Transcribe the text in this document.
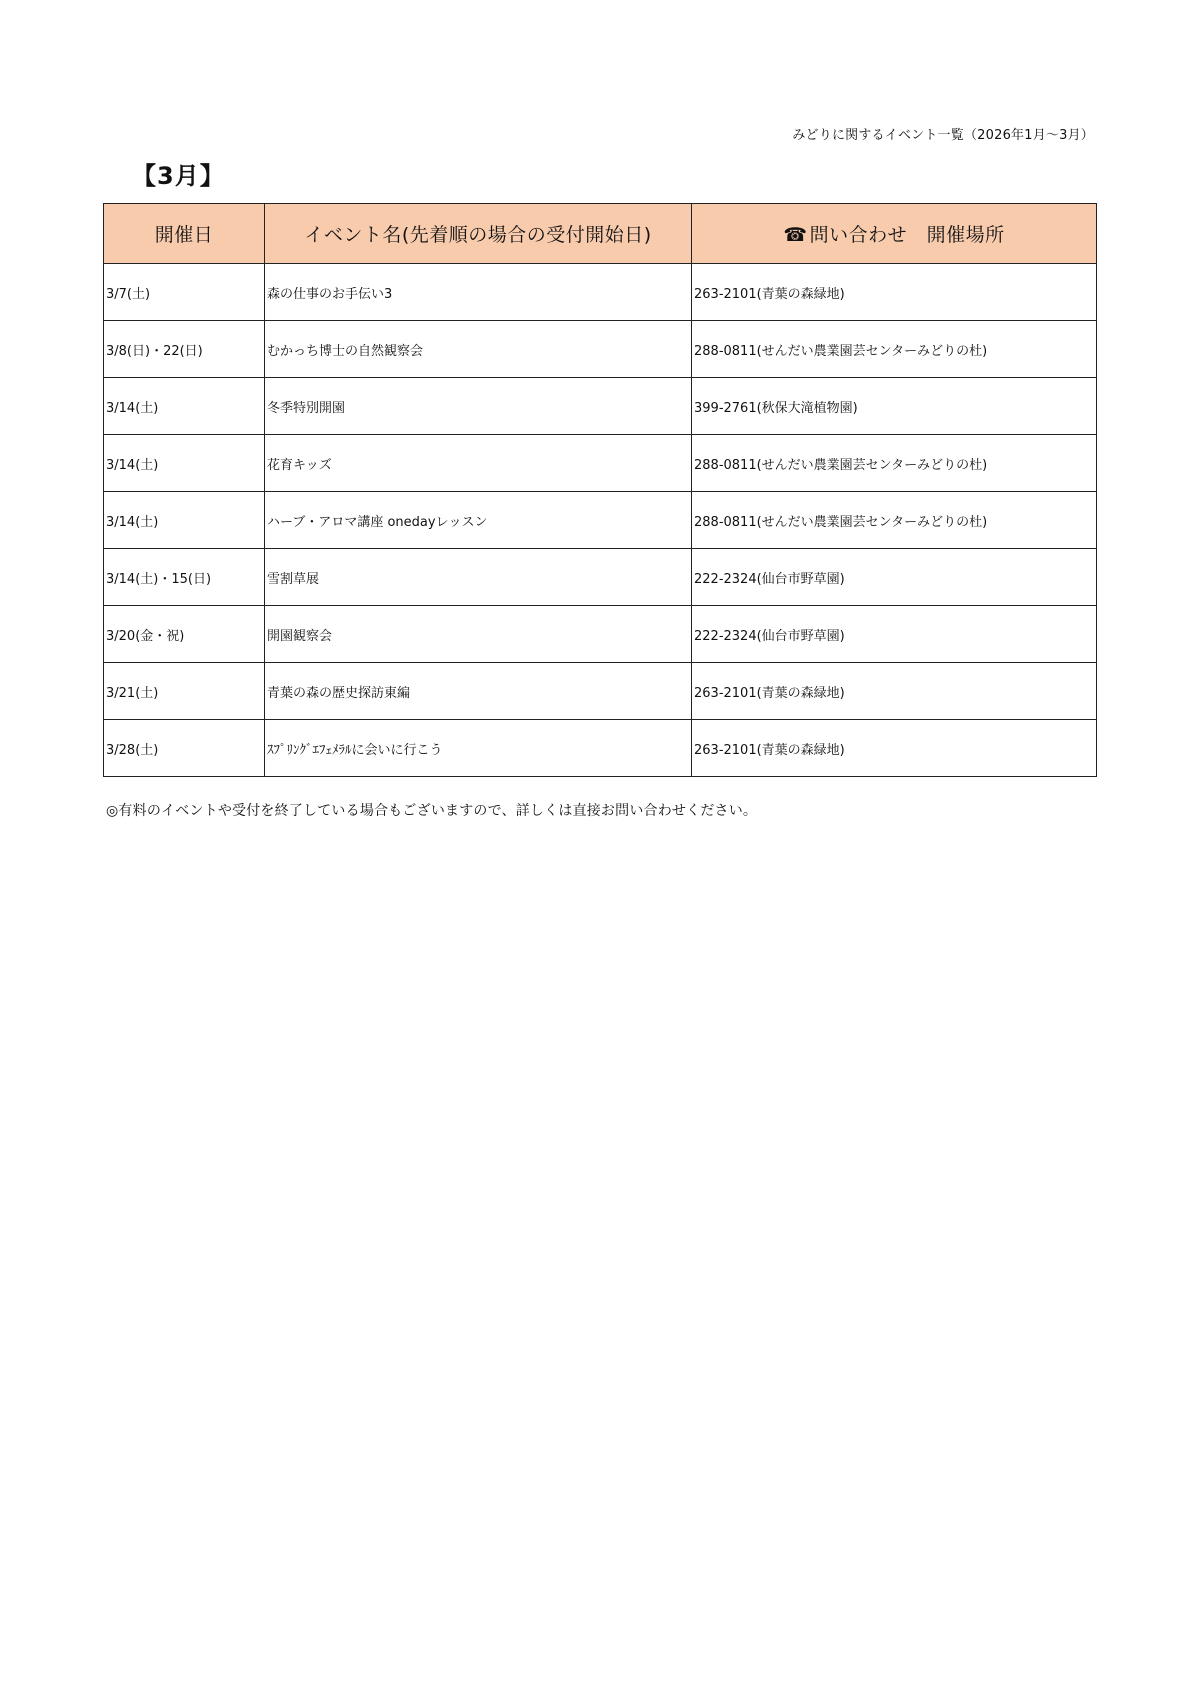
みどりに関するイベント一覧（2026年1月～3月）
【3月】
開催日	イベント名(先着順の場合の受付開始日)	☎ 問い合わせ　開催場所
3/7(土)	森の仕事のお手伝い3	263-2101(青葉の森緑地)
3/8(日)・22(日)	むかっち博士の自然観察会	288-0811(せんだい農業園芸センターみどりの杜)
3/14(土)	冬季特別開園	399-2761(秋保大滝植物園)
3/14(土)	花育キッズ	288-0811(せんだい農業園芸センターみどりの杜)
3/14(土)	ハーブ・アロマ講座 onedayレッスン	288-0811(せんだい農業園芸センターみどりの杜)
3/14(土)・15(日)	雪割草展	222-2324(仙台市野草園)
3/20(金・祝)	開園観察会	222-2324(仙台市野草園)
3/21(土)	青葉の森の歴史探訪東編	263-2101(青葉の森緑地)
3/28(土)	ｽﾌﾟﾘﾝｸﾞｴﾌｪﾒﾗﾙに会いに行こう	263-2101(青葉の森緑地)
◎有料のイベントや受付を終了している場合もございますので、詳しくは直接お問い合わせください。
